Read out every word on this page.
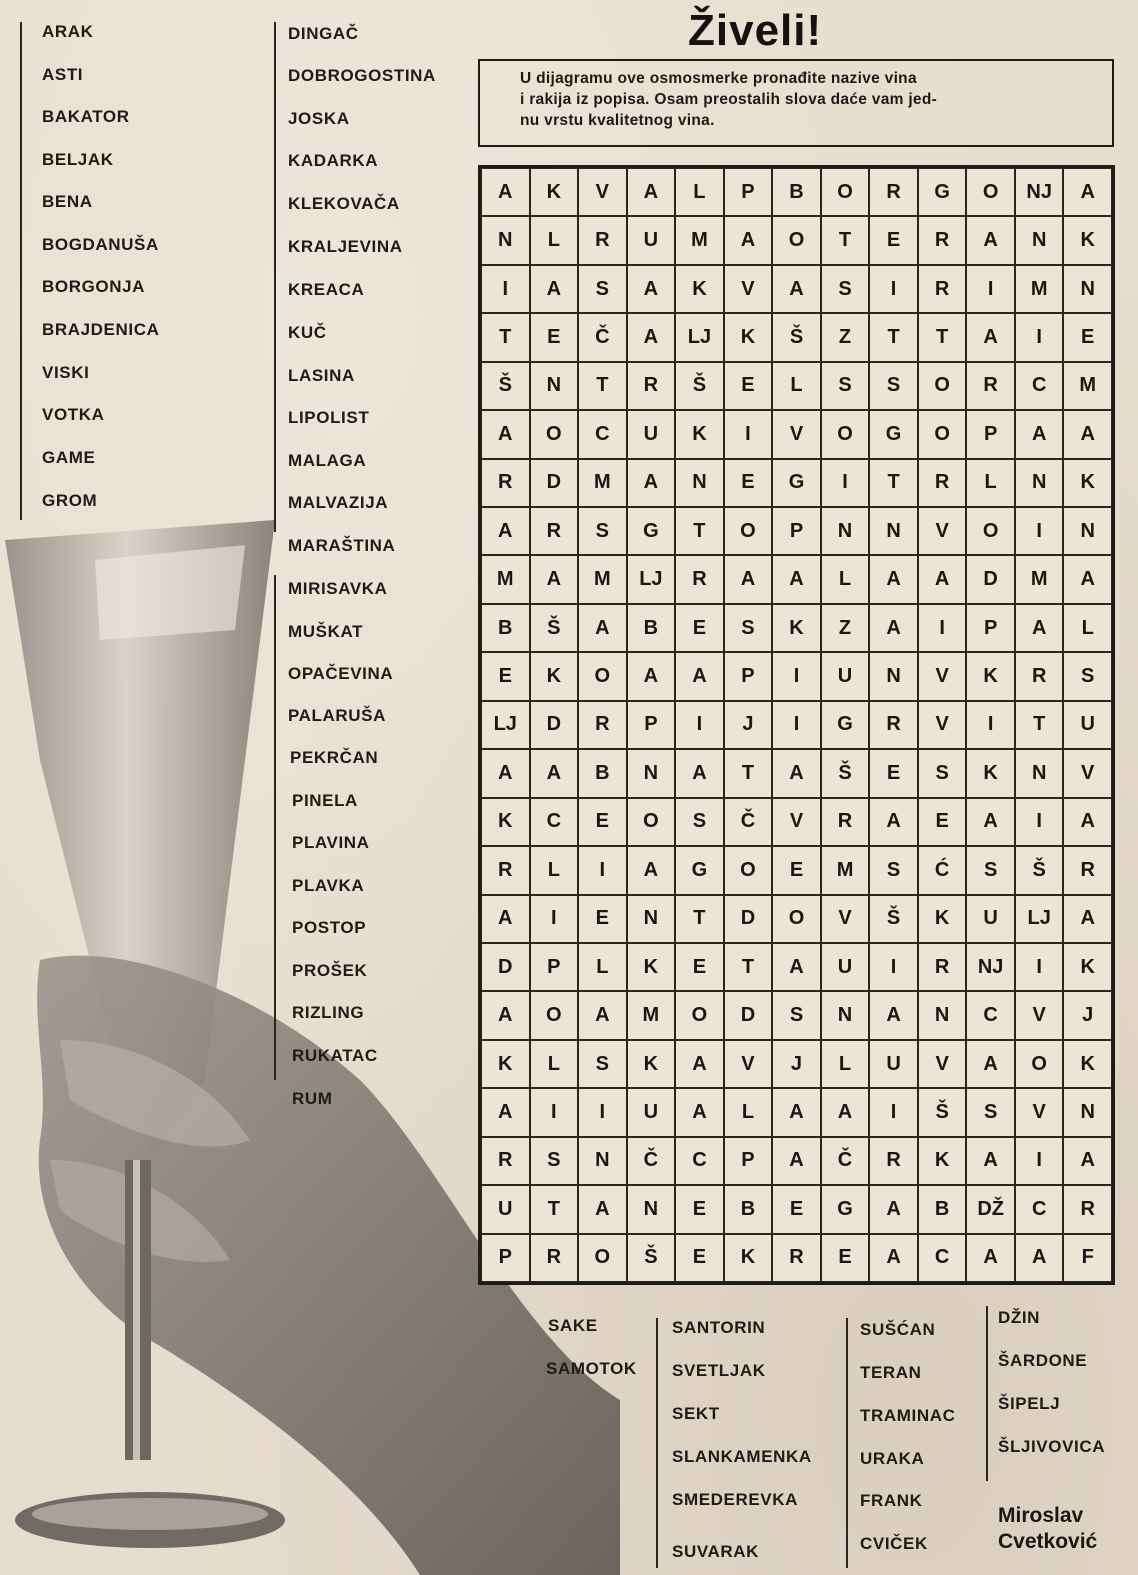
ARAK
ASTI
BAKATOR
BELJAK
BENA
BOGDANUŠA
BORGONJA
BRAJDENICA
VISKI
VOTKA
GAME
GROM
DINGAČ
DOBROGOSTINA
JOSKA
KADARKA
KLEKOVAČA
KRALJEVINA
KREACA
KUČ
LASINA
LIPOLIST
MALAGA
MALVAZIJA
MARAŠTINA
MIRISAVKA
MUŠKAT
OPAČEVINA
PALARUŠA
PEKRČAN
PINELA
PLAVINA
PLAVKA
POSTOP
PROŠEK
RIZLING
RUKATAC
RUM
Živeli!
U dijagramu ove osmosmerke pronađite nazive vina
i rakija iz popisa. Osam preostalih slova daće vam jed-
nu vrstu kvalitetnog vina.
A	K	V	A	L	P	B	O	R	G	O	NJ	A
N	L	R	U	M	A	O	T	E	R	A	N	K
I	A	S	A	K	V	A	S	I	R	I	M	N
T	E	Č	A	LJ	K	Š	Z	T	T	A	I	E
Š	N	T	R	Š	E	L	S	S	O	R	C	M
A	O	C	U	K	I	V	O	G	O	P	A	A
R	D	M	A	N	E	G	I	T	R	L	N	K
A	R	S	G	T	O	P	N	N	V	O	I	N
M	A	M	LJ	R	A	A	L	A	A	D	M	A
B	Š	A	B	E	S	K	Z	A	I	P	A	L
E	K	O	A	A	P	I	U	N	V	K	R	S
LJ	D	R	P	I	J	I	G	R	V	I	T	U
A	A	B	N	A	T	A	Š	E	S	K	N	V
K	C	E	O	S	Č	V	R	A	E	A	I	A
R	L	I	A	G	O	E	M	S	Ć	S	Š	R
A	I	E	N	T	D	O	V	Š	K	U	LJ	A
D	P	L	K	E	T	A	U	I	R	NJ	I	K
A	O	A	M	O	D	S	N	A	N	C	V	J
K	L	S	K	A	V	J	L	U	V	A	O	K
A	I	I	U	A	L	A	A	I	Š	S	V	N
R	S	N	Č	C	P	A	Č	R	K	A	I	A
U	T	A	N	E	B	E	G	A	B	DŽ	C	R
P	R	O	Š	E	K	R	E	A	C	A	A	F
SAKE
SAMOTOK
SANTORIN
SVETLJAK
SEKT
SLANKAMENKA
SMEDEREVKA
SUVARAK
SUŠĆAN
TERAN
TRAMINAC
URAKA
FRANK
CVIČEK
DŽIN
ŠARDONE
ŠIPELJ
ŠLJIVOVICA
Miroslav
Cvetković
